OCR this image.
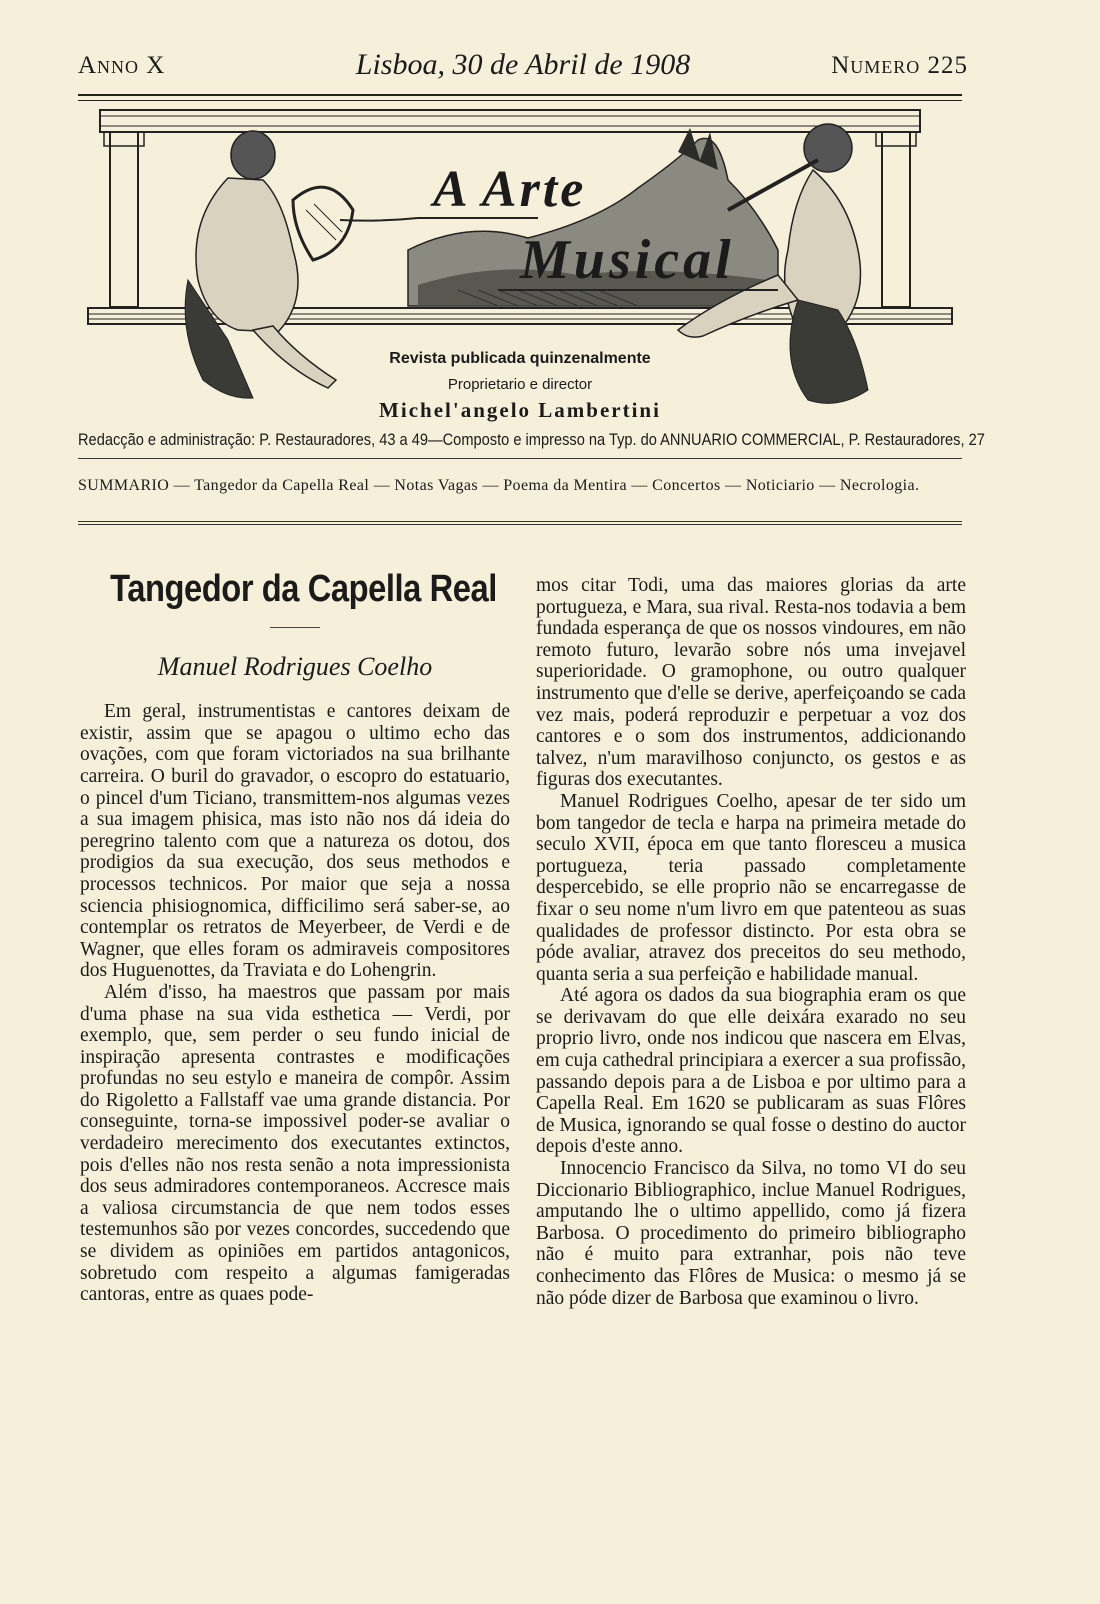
Anno X	Lisboa, 30 de Abril de 1908	Numero 225
A Arte
Musical
Revista publicada quinzenalmente
Proprietario e director
Michel'angelo Lambertini
Redacção e administração: P. Restauradores, 43 a 49—Composto e impresso na Typ. do ANNUARIO COMMERCIAL, P. Restauradores, 27
SUMMARIO — Tangedor da Capella Real — Notas Vagas — Poema da Mentira — Concertos — Noticiario — Necrologia.
Tangedor da Capella Real
Manuel Rodrigues Coelho

Em geral, instrumentistas e cantores deixam de existir, assim que se apagou o ultimo echo das ovações, com que foram victoriados na sua brilhante carreira. O buril do gravador, o escopro do estatuario, o pincel d'um Ticiano, transmittem-nos algumas vezes a sua imagem phisica, mas isto não nos dá ideia do peregrino talento com que a natureza os dotou, dos prodigios da sua execução, dos seus methodos e processos technicos. Por maior que seja a nossa sciencia phisiognomica, difficilimo será saber-se, ao contemplar os retratos de Meyerbeer, de Verdi e de Wagner, que elles foram os admiraveis compositores dos Huguenottes, da Traviata e do Lohengrin.

Além d'isso, ha maestros que passam por mais d'uma phase na sua vida esthetica — Verdi, por exemplo, que, sem perder o seu fundo inicial de inspiração apresenta contrastes e modificações profundas no seu estylo e maneira de compôr. Assim do Rigoletto a Fallstaff vae uma grande distancia. Por conseguinte, torna-se impossivel poder-se avaliar o verdadeiro merecimento dos executantes extinctos, pois d'elles não nos resta senão a nota impressionista dos seus admiradores contemporaneos. Accresce mais a valiosa circumstancia de que nem todos esses testemunhos são por vezes concordes, succedendo que se dividem as opiniões em partidos antagonicos, sobretudo com respeito a algumas famigeradas cantoras, entre as quaes pode-

mos citar Todi, uma das maiores glorias da arte portugueza, e Mara, sua rival. Resta-nos todavia a bem fundada esperança de que os nossos vindoures, em não remoto futuro, levarão sobre nós uma invejavel superioridade. O gramophone, ou outro qualquer instrumento que d'elle se derive, aperfeiçoando se cada vez mais, poderá reproduzir e perpetuar a voz dos cantores e o som dos instrumentos, addicionando talvez, n'um maravilhoso conjuncto, os gestos e as figuras dos executantes.

Manuel Rodrigues Coelho, apesar de ter sido um bom tangedor de tecla e harpa na primeira metade do seculo XVII, época em que tanto floresceu a musica portugueza, teria passado completamente despercebido, se elle proprio não se encarregasse de fixar o seu nome n'um livro em que patenteou as suas qualidades de professor distincto. Por esta obra se póde avaliar, atravez dos preceitos do seu methodo, quanta seria a sua perfeição e habilidade manual.

Até agora os dados da sua biographia eram os que se derivavam do que elle deixára exarado no seu proprio livro, onde nos indicou que nascera em Elvas, em cuja cathedral principiara a exercer a sua profissão, passando depois para a de Lisboa e por ultimo para a Capella Real. Em 1620 se publicaram as suas Flôres de Musica, ignorando se qual fosse o destino do auctor depois d'este anno.

Innocencio Francisco da Silva, no tomo VI do seu Diccionario Bibliographico, inclue Manuel Rodrigues, amputando lhe o ultimo appellido, como já fizera Barbosa. O procedimento do primeiro bibliographo não é muito para extranhar, pois não teve conhecimento das Flôres de Musica: o mesmo já se não póde dizer de Barbosa que examinou o livro.
